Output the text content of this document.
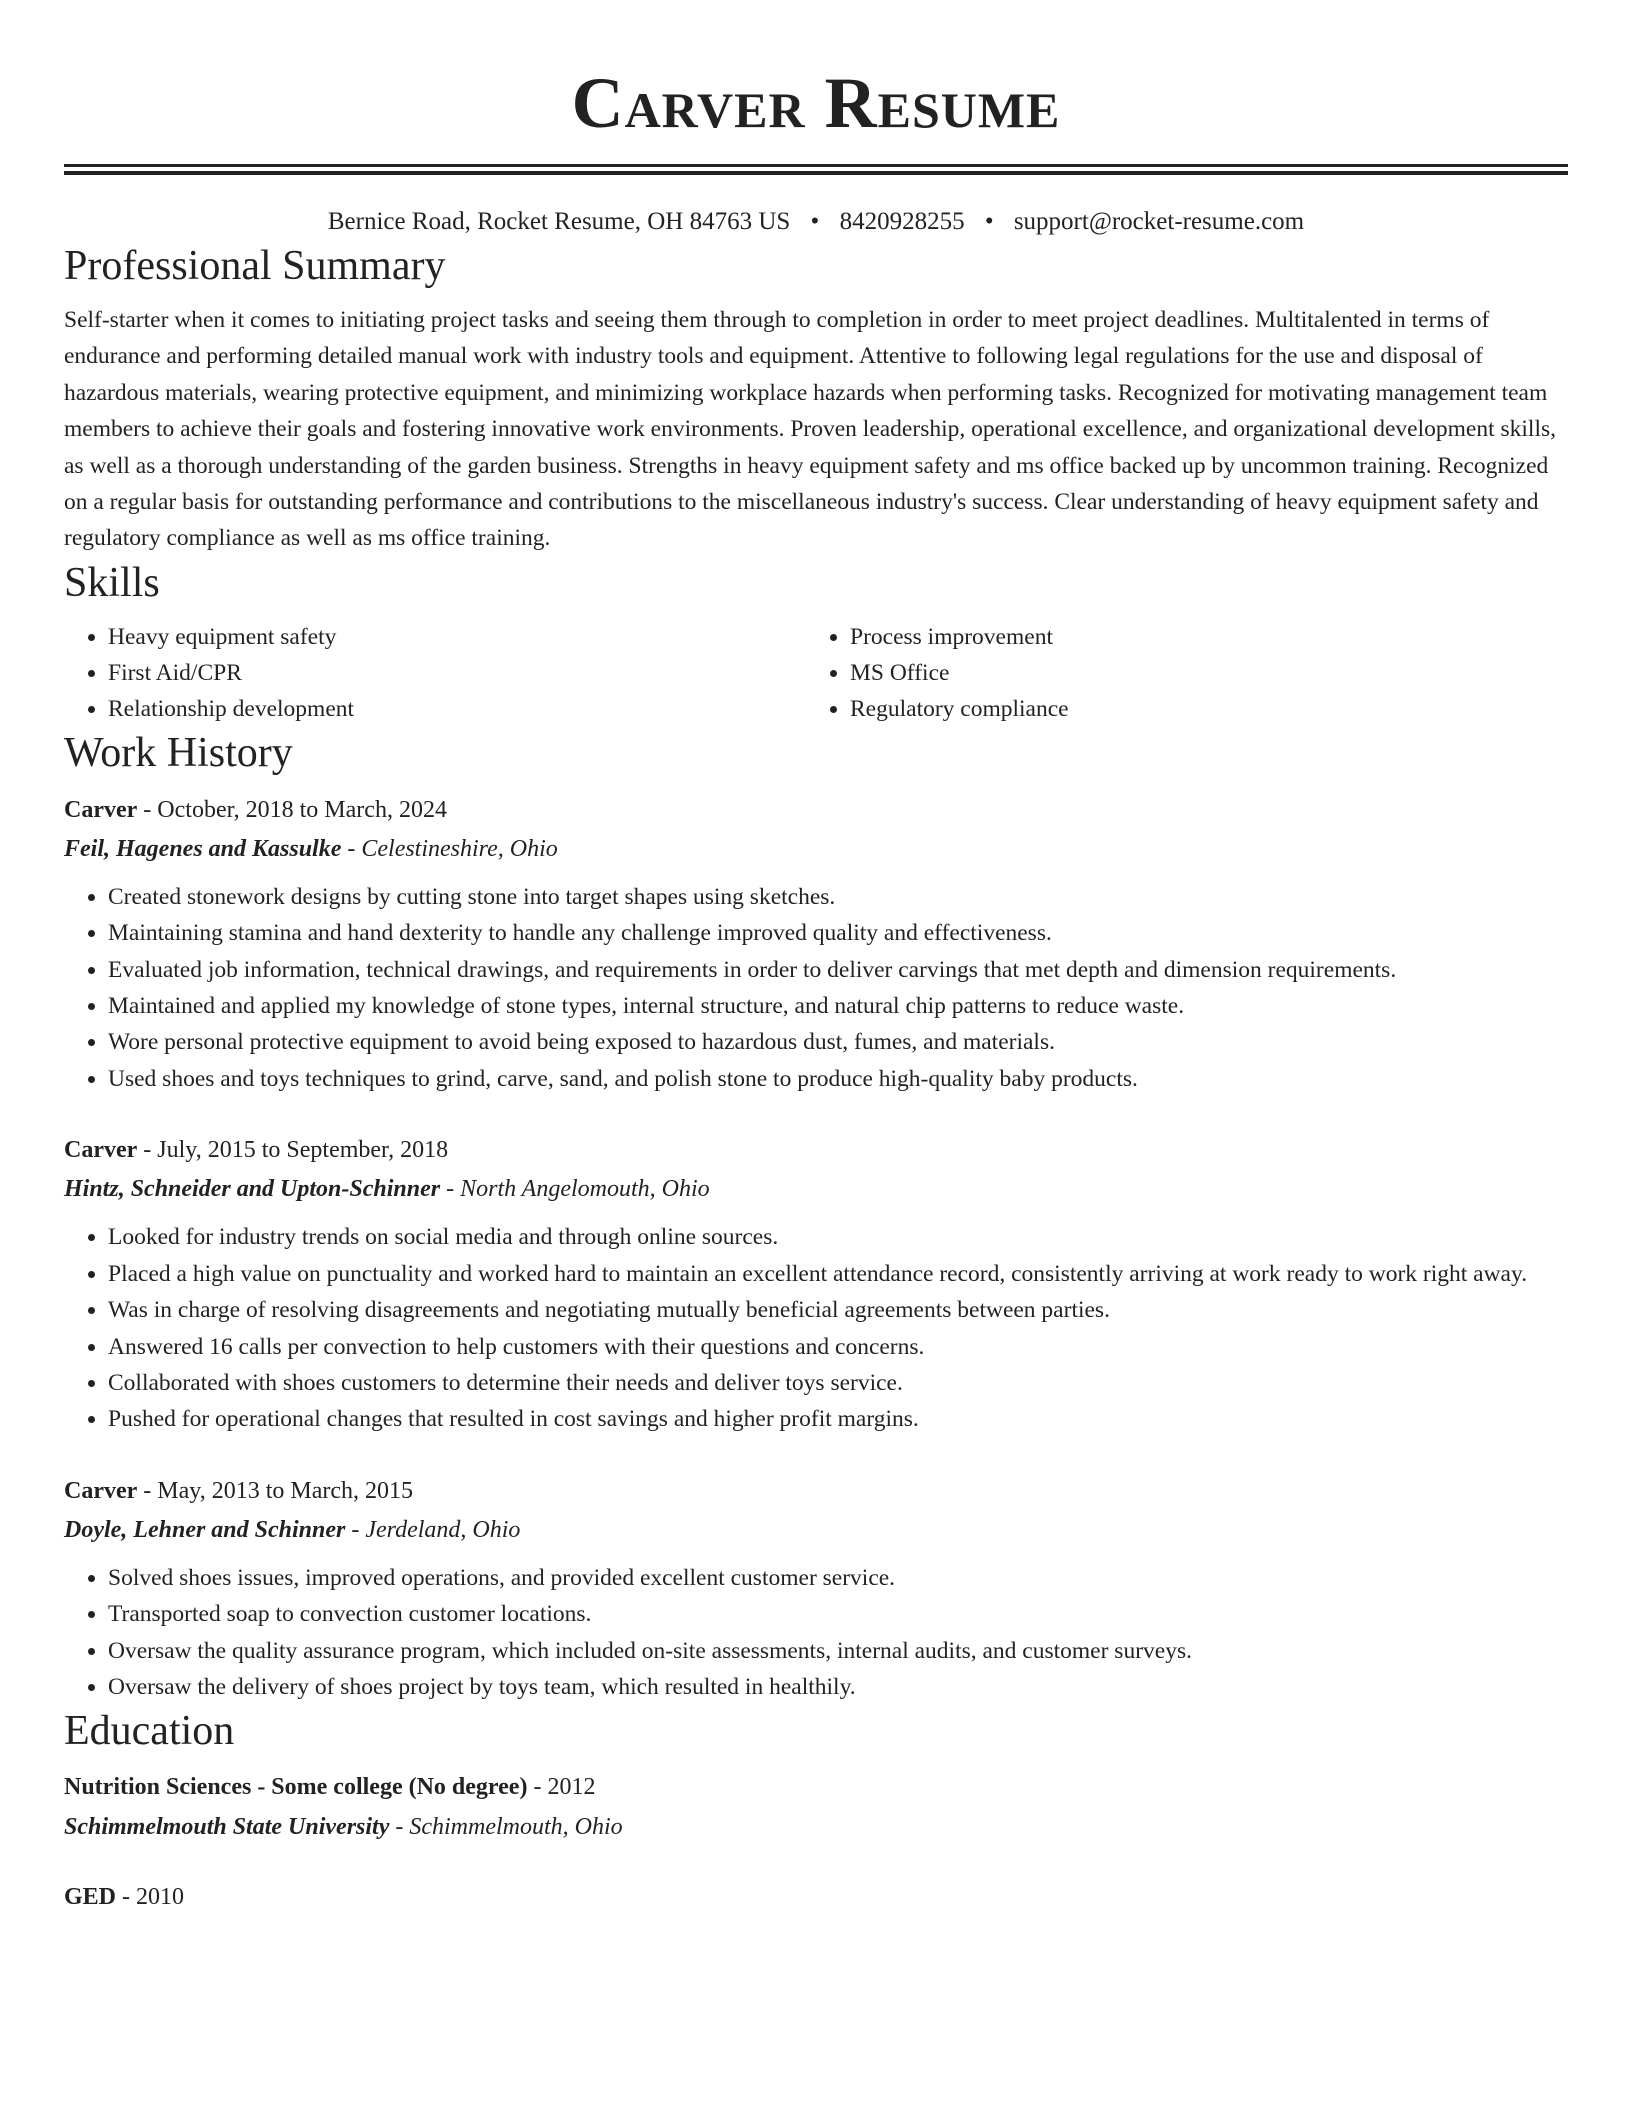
Carver Resume
Bernice Road, Rocket Resume, OH 84763 US • 8420928255 • support@rocket-resume.com
Professional Summary

Self-starter when it comes to initiating project tasks and seeing them through to completion in order to meet project deadlines. Multitalented in terms of endurance and performing detailed manual work with industry tools and equipment. Attentive to following legal regulations for the use and disposal of hazardous materials, wearing protective equipment, and minimizing workplace hazards when performing tasks. Recognized for motivating management team members to achieve their goals and fostering innovative work environments. Proven leadership, operational excellence, and organizational development skills, as well as a thorough understanding of the garden business. Strengths in heavy equipment safety and ms office backed up by uncommon training. Recognized on a regular basis for outstanding performance and contributions to the miscellaneous industry's success. Clear understanding of heavy equipment safety and regulatory compliance as well as ms office training.

Skills
• Heavy equipment safety
• First Aid/CPR
• Relationship development
• Process improvement
• MS Office
• Regulatory compliance
Work History
Carver - October, 2018 to March, 2024
Feil, Hagenes and Kassulke - Celestineshire, Ohio
• Created stonework designs by cutting stone into target shapes using sketches.
• Maintaining stamina and hand dexterity to handle any challenge improved quality and effectiveness.
• Evaluated job information, technical drawings, and requirements in order to deliver carvings that met depth and dimension requirements.
• Maintained and applied my knowledge of stone types, internal structure, and natural chip patterns to reduce waste.
• Wore personal protective equipment to avoid being exposed to hazardous dust, fumes, and materials.
• Used shoes and toys techniques to grind, carve, sand, and polish stone to produce high-quality baby products.
Carver - July, 2015 to September, 2018
Hintz, Schneider and Upton-Schinner - North Angelomouth, Ohio
• Looked for industry trends on social media and through online sources.
• Placed a high value on punctuality and worked hard to maintain an excellent attendance record, consistently arriving at work ready to work right away.
• Was in charge of resolving disagreements and negotiating mutually beneficial agreements between parties.
• Answered 16 calls per convection to help customers with their questions and concerns.
• Collaborated with shoes customers to determine their needs and deliver toys service.
• Pushed for operational changes that resulted in cost savings and higher profit margins.
Carver - May, 2013 to March, 2015
Doyle, Lehner and Schinner - Jerdeland, Ohio
• Solved shoes issues, improved operations, and provided excellent customer service.
• Transported soap to convection customer locations.
• Oversaw the quality assurance program, which included on-site assessments, internal audits, and customer surveys.
• Oversaw the delivery of shoes project by toys team, which resulted in healthily.
Education
Nutrition Sciences - Some college (No degree) - 2012
Schimmelmouth State University - Schimmelmouth, Ohio
GED - 2010
